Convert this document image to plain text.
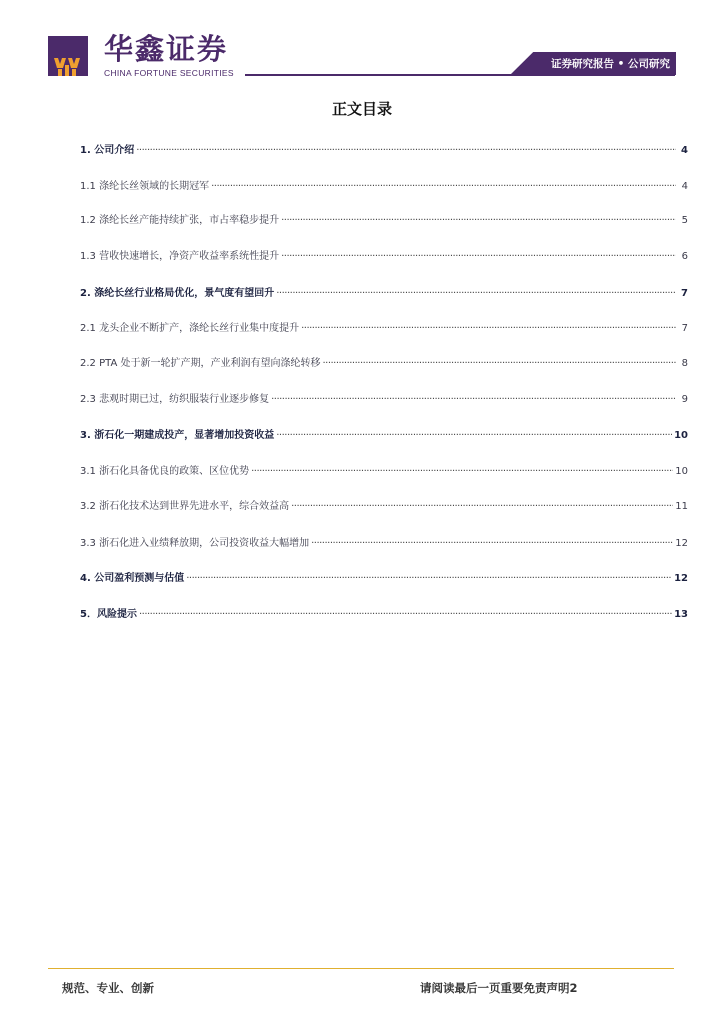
华鑫证券
CHINA FORTUNE SECURITIES
证券研究报告 • 公司研究
正文目录
1. 公司介绍 ·····	4
1.1 涤纶长丝领域的长期冠军 ·····	4
1.2 涤纶长丝产能持续扩张，市占率稳步提升 ·····	5
1.3 营收快速增长，净资产收益率系统性提升 ·····	6
2. 涤纶长丝行业格局优化，景气度有望回升 ·····	7
2.1 龙头企业不断扩产，涤纶长丝行业集中度提升 ·····	7
2.2 PTA 处于新一轮扩产期，产业利润有望向涤纶转移 ·····	8
2.3 悲观时期已过，纺织服装行业逐步修复 ·····	9
3. 浙石化一期建成投产，显著增加投资收益 ·····	10
3.1 浙石化具备优良的政策、区位优势 ·····	10
3.2 浙石化技术达到世界先进水平，综合效益高 ·····	11
3.3 浙石化进入业绩释放期，公司投资收益大幅增加 ·····	12
4. 公司盈利预测与估值 ·····	12
5．风险提示 ·····	13
规范、专业、创新	请阅读最后一页重要免责声明2
